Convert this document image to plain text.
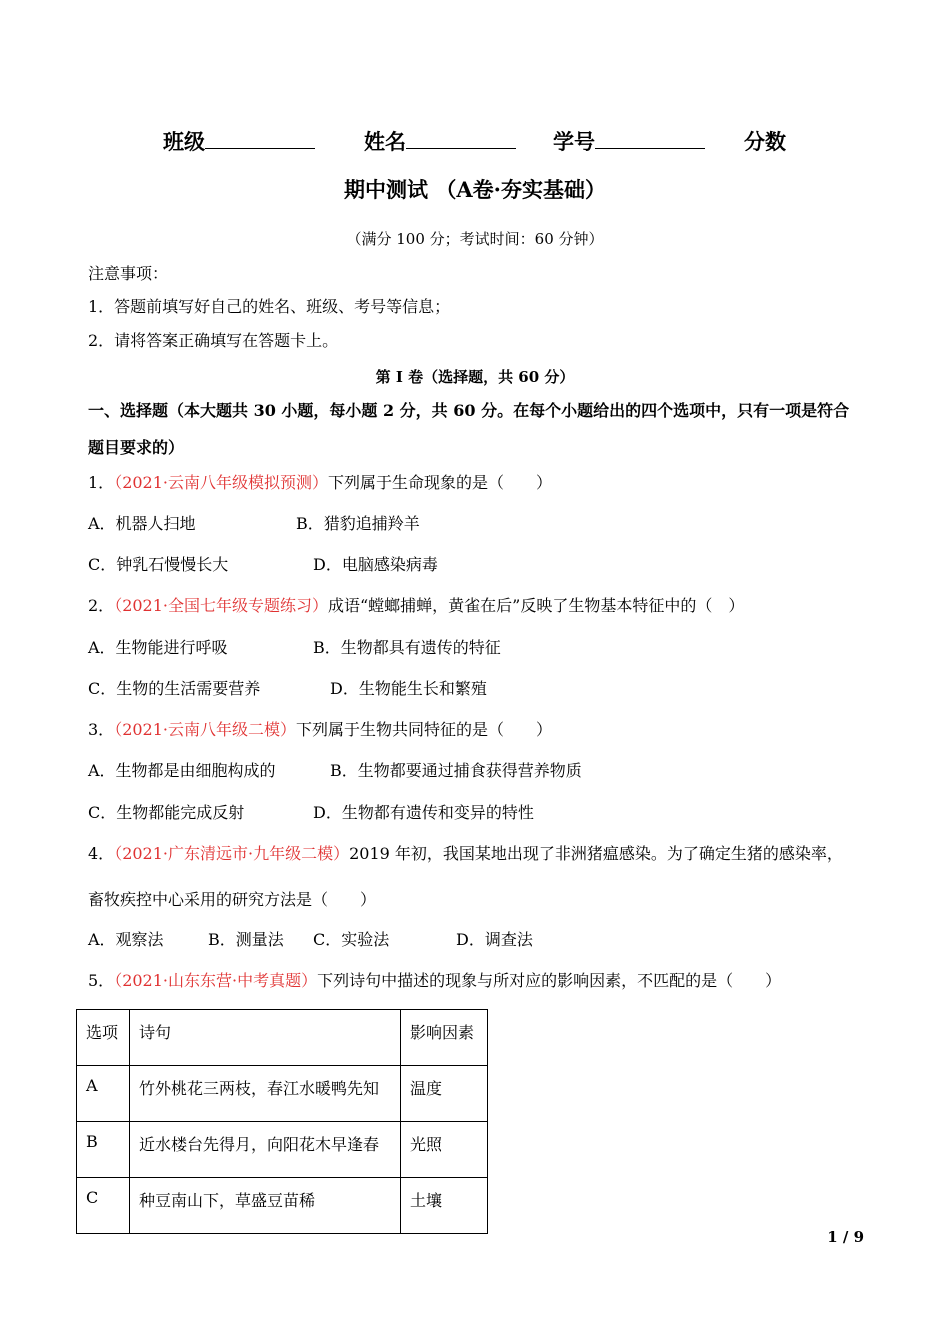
班级	姓名	学号	分数
期中测试 （A卷·夯实基础）
（满分 100 分；考试时间：60 分钟）
注意事项：
1．答题前填写好自己的姓名、班级、考号等信息；
2．请将答案正确填写在答题卡上。
第 I 卷（选择题，共 60 分）
一、选择题（本大题共 30 小题，每小题 2 分，共 60 分。在每个小题给出的四个选项中，只有一项是符合
题目要求的）
1．（2021·云南八年级模拟预测）下列属于生命现象的是（　　）
A．机器人扫地	B．猎豹追捕羚羊
C．钟乳石慢慢长大	D．电脑感染病毒
2．（2021·全国七年级专题练习）成语“螳螂捕蝉，黄雀在后”反映了生物基本特征中的（　）
A．生物能进行呼吸	B．生物都具有遗传的特征
C．生物的生活需要营养	D．生物能生长和繁殖
3．（2021·云南八年级二模）下列属于生物共同特征的是（　　）
A．生物都是由细胞构成的	B．生物都要通过捕食获得营养物质
C．生物都能完成反射	D．生物都有遗传和变异的特性
4．（2021·广东清远市·九年级二模）2019 年初，我国某地出现了非洲猪瘟感染。为了确定生猪的感染率，
畜牧疾控中心采用的研究方法是（　　）
A．观察法	B．测量法 C．实验法	D．调查法
5．（2021·山东东营·中考真题）下列诗句中描述的现象与所对应的影响因素，不匹配的是（　　）
选项	诗句	影响因素
A	竹外桃花三两枝，春江水暖鸭先知	温度
B	近水楼台先得月，向阳花木早逢春	光照
C	种豆南山下，草盛豆苗稀	土壤
1 / 9
